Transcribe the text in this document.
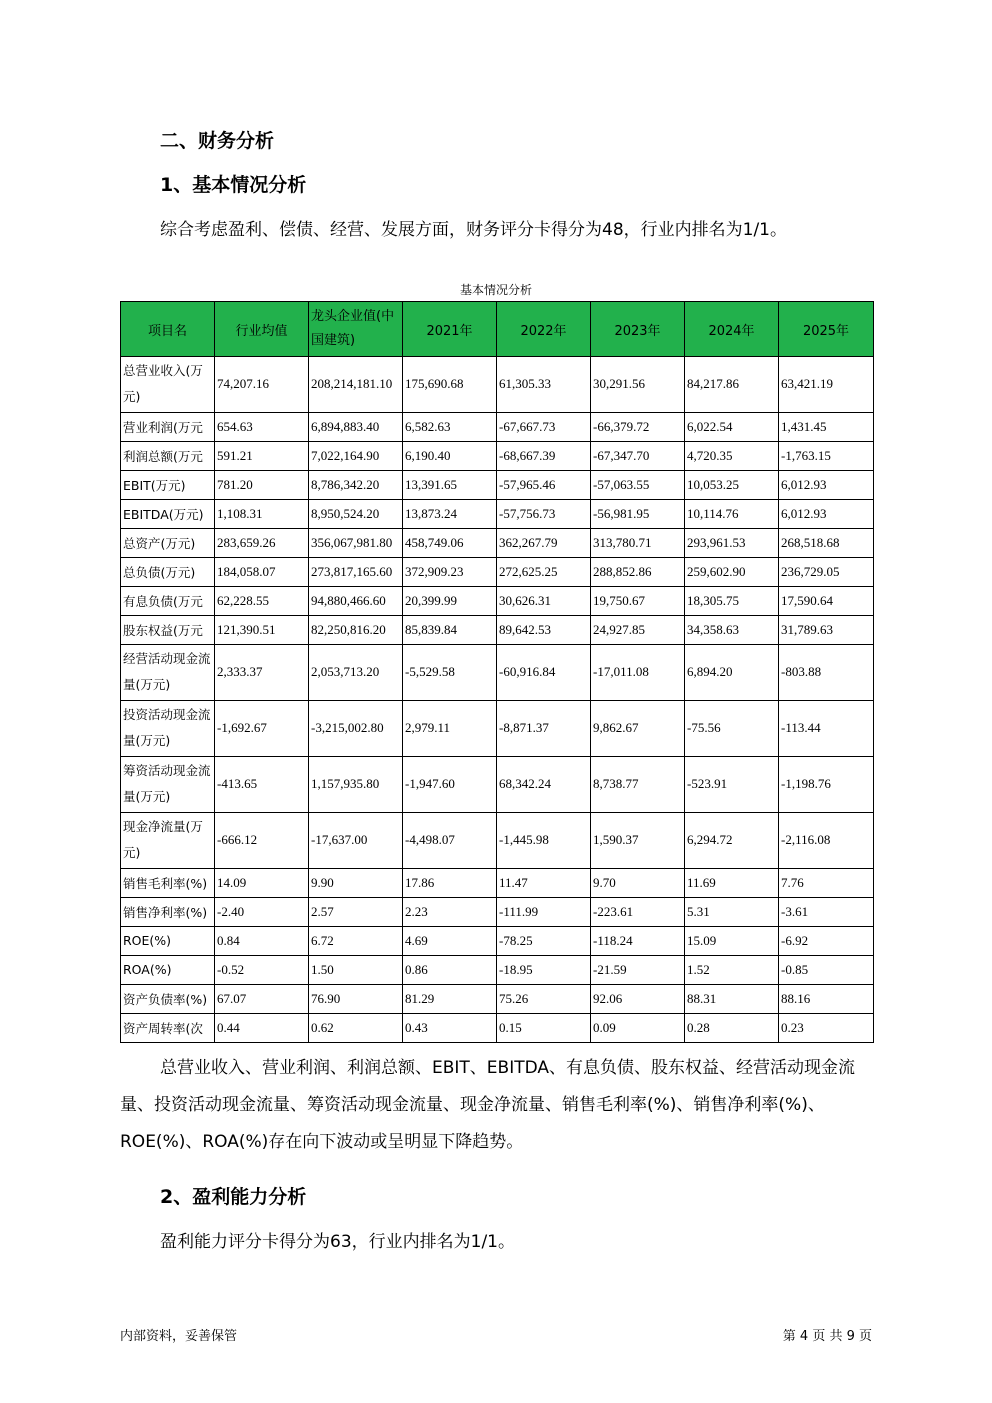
二、财务分析
1、基本情况分析
综合考虑盈利、偿债、经营、发展方面，财务评分卡得分为48，行业内排名为1/1。
基本情况分析
项目名	行业均值	龙头企业值(中国建筑)	2021年	2022年	2023年	2024年	2025年
总营业收入(万元)	74,207.16	208,214,181.10	175,690.68	61,305.33	30,291.56	84,217.86	63,421.19
营业利润(万元	654.63	6,894,883.40	6,582.63	-67,667.73	-66,379.72	6,022.54	1,431.45
利润总额(万元	591.21	7,022,164.90	6,190.40	-68,667.39	-67,347.70	4,720.35	-1,763.15
EBIT(万元)	781.20	8,786,342.20	13,391.65	-57,965.46	-57,063.55	10,053.25	6,012.93
EBITDA(万元)	1,108.31	8,950,524.20	13,873.24	-57,756.73	-56,981.95	10,114.76	6,012.93
总资产(万元)	283,659.26	356,067,981.80	458,749.06	362,267.79	313,780.71	293,961.53	268,518.68
总负债(万元)	184,058.07	273,817,165.60	372,909.23	272,625.25	288,852.86	259,602.90	236,729.05
有息负债(万元	62,228.55	94,880,466.60	20,399.99	30,626.31	19,750.67	18,305.75	17,590.64
股东权益(万元	121,390.51	82,250,816.20	85,839.84	89,642.53	24,927.85	34,358.63	31,789.63
经营活动现金流量(万元)	2,333.37	2,053,713.20	-5,529.58	-60,916.84	-17,011.08	6,894.20	-803.88
投资活动现金流量(万元)	-1,692.67	-3,215,002.80	2,979.11	-8,871.37	9,862.67	-75.56	-113.44
筹资活动现金流量(万元)	-413.65	1,157,935.80	-1,947.60	68,342.24	8,738.77	-523.91	-1,198.76
现金净流量(万元)	-666.12	-17,637.00	-4,498.07	-1,445.98	1,590.37	6,294.72	-2,116.08
销售毛利率(%)	14.09	9.90	17.86	11.47	9.70	11.69	7.76
销售净利率(%)	-2.40	2.57	2.23	-111.99	-223.61	5.31	-3.61
ROE(%)	0.84	6.72	4.69	-78.25	-118.24	15.09	-6.92
ROA(%)	-0.52	1.50	0.86	-18.95	-21.59	1.52	-0.85
资产负债率(%)	67.07	76.90	81.29	75.26	92.06	88.31	88.16
资产周转率(次	0.44	0.62	0.43	0.15	0.09	0.28	0.23
总营业收入、营业利润、利润总额、EBIT、EBITDA、有息负债、股东权益、经营活动现金流量、投资活动现金流量、筹资活动现金流量、现金净流量、销售毛利率(%)、销售净利率(%)、ROE(%)、ROA(%)存在向下波动或呈明显下降趋势。
2、盈利能力分析
盈利能力评分卡得分为63，行业内排名为1/1。
内部资料，妥善保管	第 4 页 共 9 页
